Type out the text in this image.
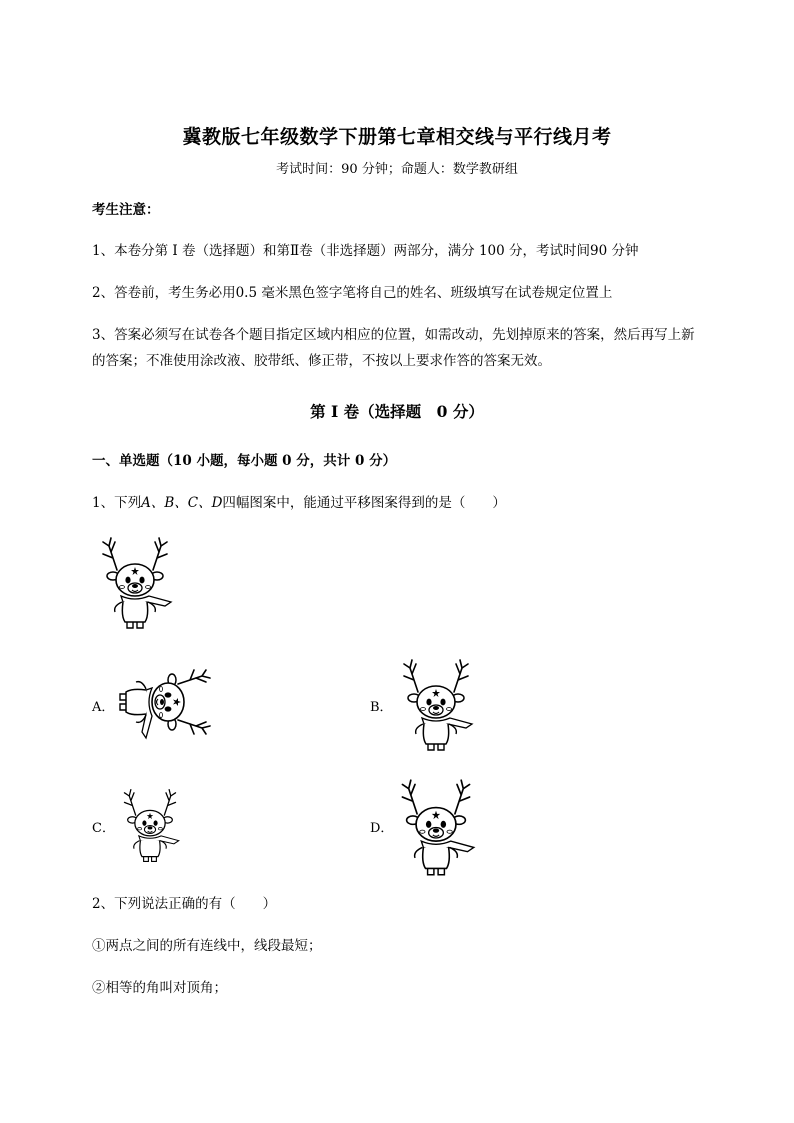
冀教版七年级数学下册第七章相交线与平行线月考
考试时间：90 分钟；命题人：数学教研组
考生注意：
1、本卷分第 I 卷（选择题）和第Ⅱ卷（非选择题）两部分，满分 100 分，考试时间90 分钟
2、答卷前，考生务必用0.5 毫米黑色签字笔将自己的姓名、班级填写在试卷规定位置上
3、答案必须写在试卷各个题目指定区域内相应的位置，如需改动，先划掉原来的答案，然后再写上新
的答案；不准使用涂改液、胶带纸、修正带，不按以上要求作答的答案无效。
第 I 卷（选择题　0 分）
一、单选题（10 小题，每小题 0 分，共计 0 分）
1、下列A、B、C、D四幅图案中，能通过平移图案得到的是（　　）
A．	B．
C．	D．
2、下列说法正确的有（　　）
①两点之间的所有连线中，线段最短；
②相等的角叫对顶角；
